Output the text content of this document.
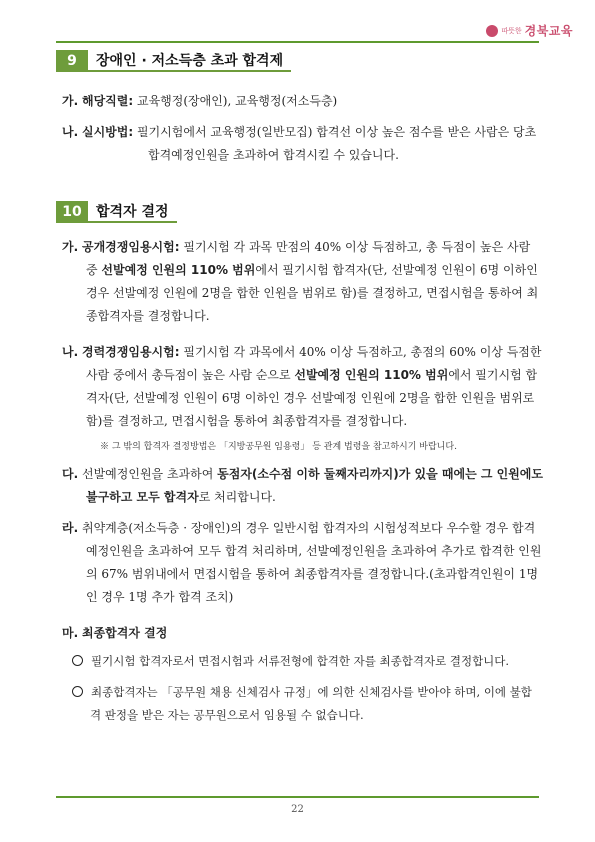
따뜻한 경북교육
9	장애인 · 저소득층 초과 합격제
가. 해당직렬: 교육행정(장애인), 교육행정(저소득층)
나. 실시방법: 필기시험에서 교육행정(일반모집) 합격선 이상 높은 점수를 받은 사람은 당초 합격예정인원을 초과하여 합격시킬 수 있습니다.
10	합격자 결정
가. 공개경쟁임용시험: 필기시험 각 과목 만점의 40% 이상 득점하고, 총 득점이 높은 사람 중 선발예정 인원의 110% 범위에서 필기시험 합격자(단, 선발예정 인원이 6명 이하인 경우 선발예정 인원에 2명을 합한 인원을 범위로 함)를 결정하고, 면접시험을 통하여 최종합격자를 결정합니다.
나. 경력경쟁임용시험: 필기시험 각 과목에서 40% 이상 득점하고, 총점의 60% 이상 득점한 사람 중에서 총득점이 높은 사람 순으로 선발예정 인원의 110% 범위에서 필기시험 합격자(단, 선발예정 인원이 6명 이하인 경우 선발예정 인원에 2명을 합한 인원을 범위로 함)를 결정하고, 면접시험을 통하여 최종합격자를 결정합니다.
※ 그 밖의 합격자 결정방법은 「지방공무원 임용령」 등 관계 법령을 참고하시기 바랍니다.
다. 선발예정인원을 초과하여 동점자(소수점 이하 둘째자리까지)가 있을 때에는 그 인원에도 불구하고 모두 합격자로 처리합니다.
라. 취약계층(저소득층 · 장애인)의 경우 일반시험 합격자의 시험성적보다 우수할 경우 합격예정인원을 초과하여 모두 합격 처리하며, 선발예정인원을 초과하여 추가로 합격한 인원의 67% 범위내에서 면접시험을 통하여 최종합격자를 결정합니다.(초과합격인원이 1명인 경우 1명 추가 합격 조치)
마. 최종합격자 결정
필기시험 합격자로서 면접시험과 서류전형에 합격한 자를 최종합격자로 결정합니다.
최종합격자는 「공무원 채용 신체검사 규정」에 의한 신체검사를 받아야 하며, 이에 불합격 판정을 받은 자는 공무원으로서 임용될 수 없습니다.
22
